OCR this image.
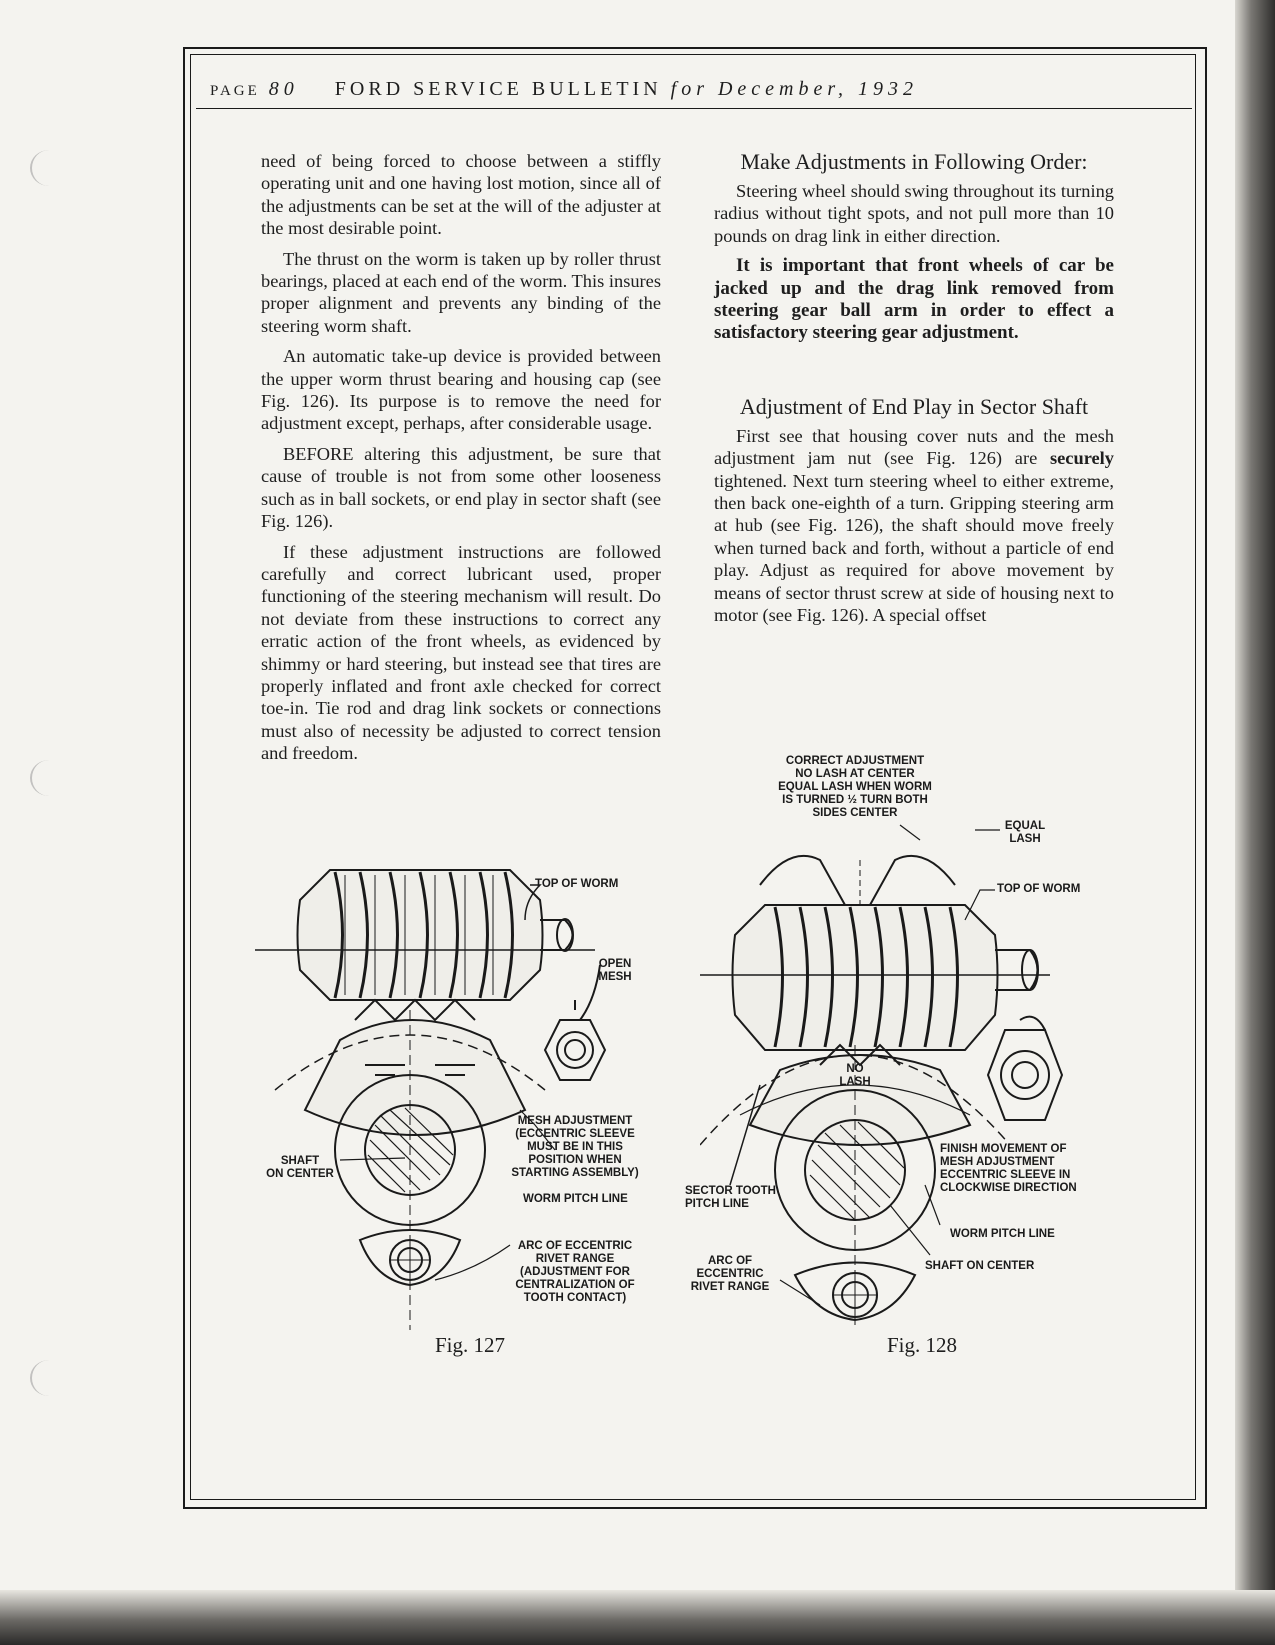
PAGE 80 FORD SERVICE BULLETIN for December, 1932

need of being forced to choose between a stiffly operating unit and one having lost motion, since all of the adjustments can be set at the will of the adjuster at the most desirable point.

The thrust on the worm is taken up by roller thrust bearings, placed at each end of the worm. This insures proper alignment and prevents any binding of the steering worm shaft.

An automatic take-up device is provided between the upper worm thrust bearing and housing cap (see Fig. 126). Its purpose is to remove the need for adjustment except, perhaps, after considerable usage.

BEFORE altering this adjustment, be sure that cause of trouble is not from some other looseness such as in ball sockets, or end play in sector shaft (see Fig. 126).

If these adjustment instructions are followed carefully and correct lubricant used, proper functioning of the steering mechanism will result. Do not deviate from these instructions to correct any erratic action of the front wheels, as evidenced by shimmy or hard steering, but instead see that tires are properly inflated and front axle checked for correct toe-in. Tie rod and drag link sockets or connections must also of necessity be adjusted to correct tension and freedom.

Make Adjustments in Following Order:

Steering wheel should swing throughout its turning radius without tight spots, and not pull more than 10 pounds on drag link in either direction.

It is important that front wheels of car be jacked up and the drag link removed from steering gear ball arm in order to effect a satisfactory steering gear adjustment.

Adjustment of End Play in Sector Shaft

First see that housing cover nuts and the mesh adjustment jam nut (see Fig. 126) are securely tightened. Next turn steering wheel to either extreme, then back one-eighth of a turn. Gripping steering arm at hub (see Fig. 126), the shaft should move freely when turned back and forth, without a particle of end play. Adjust as required for above movement by means of sector thrust screw at side of housing next to motor (see Fig. 126). A special offset

TOP OF WORM
OPEN
MESH
MESH ADJUSTMENT
(ECCENTRIC SLEEVE
MUST BE IN THIS
POSITION WHEN
STARTING ASSEMBLY)
SHAFT
ON CENTER
WORM PITCH LINE
ARC OF ECCENTRIC
RIVET RANGE
(ADJUSTMENT FOR
CENTRALIZATION OF
TOOTH CONTACT)
Fig. 127
CORRECT ADJUSTMENT
NO LASH AT CENTER
EQUAL LASH WHEN WORM
IS TURNED ½ TURN BOTH
SIDES CENTER
EQUAL
LASH
TOP OF WORM
NO
LASH
FINISH MOVEMENT OF
MESH ADJUSTMENT
ECCENTRIC SLEEVE IN
CLOCKWISE DIRECTION
SECTOR TOOTH
PITCH LINE
WORM PITCH LINE
SHAFT ON CENTER
ARC OF
ECCENTRIC
RIVET RANGE
Fig. 128
